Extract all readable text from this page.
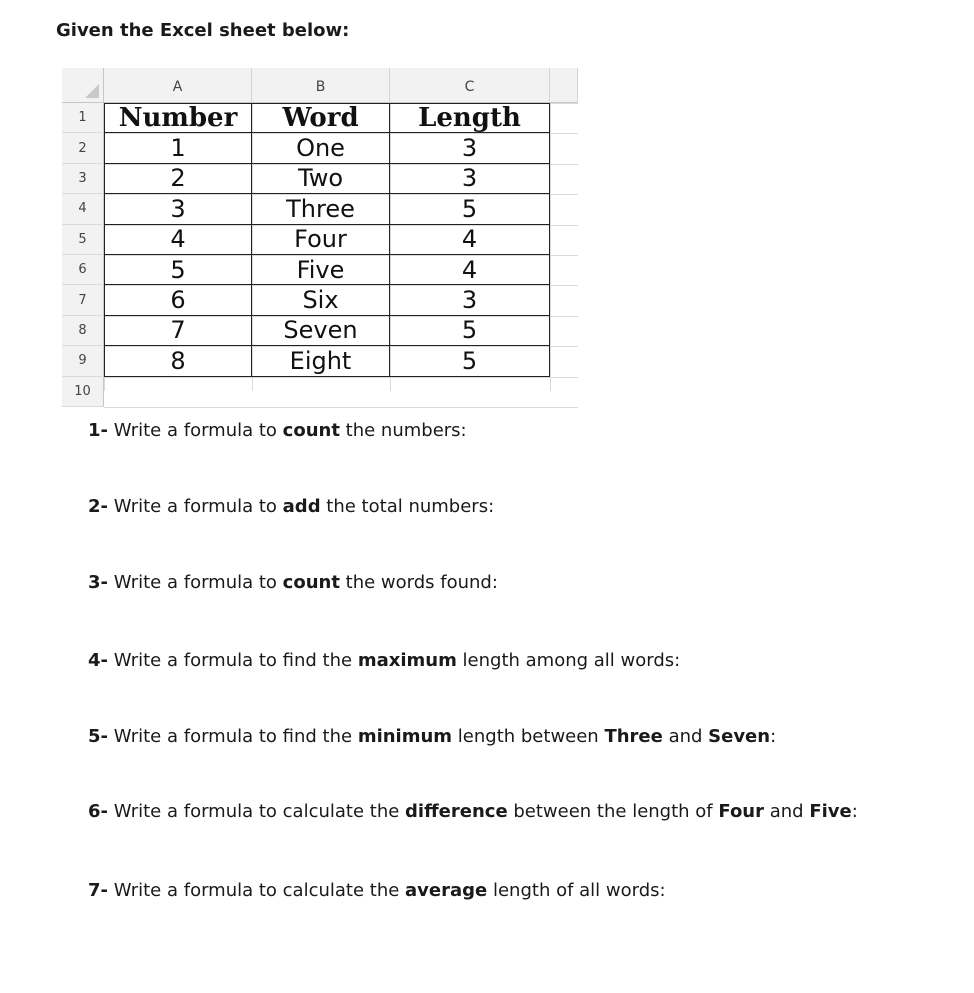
Given the Excel sheet below:
A	B	C
1
2
3
4
5
6
7
8
9
10
Number	Word	Length
1	One	3
2	Two	3
3	Three	5
4	Four	4
5	Five	4
6	Six	3
7	Seven	5
8	Eight	5
1- Write a formula to count the numbers:
2- Write a formula to add the total numbers:
3- Write a formula to count the words found:
4- Write a formula to find the maximum length among all words:
5- Write a formula to find the minimum length between Three and Seven:
6- Write a formula to calculate the difference between the length of Four and Five:
7- Write a formula to calculate the average length of all words:
